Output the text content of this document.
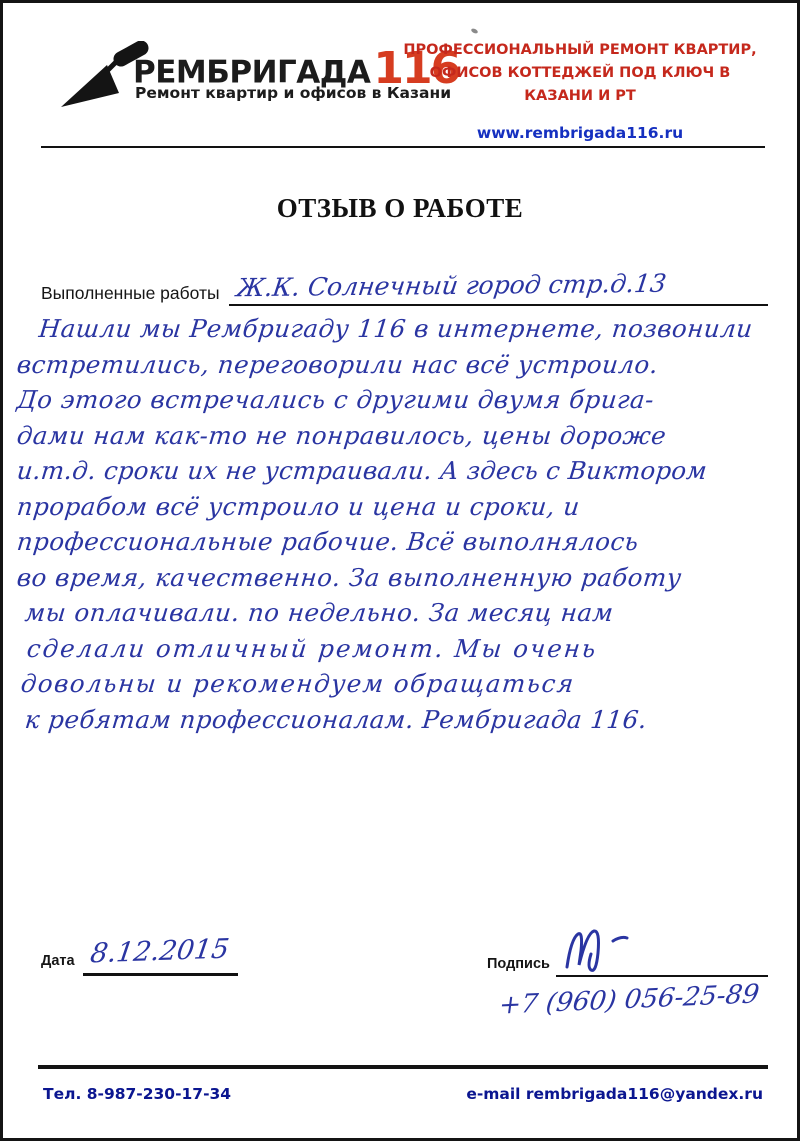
РЕМБРИГАДА116
Ремонт квартир и офисов в Казани
ПРОФЕССИОНАЛЬНЫЙ РЕМОНТ КВАРТИР,
ОФИСОВ КОТТЕДЖЕЙ ПОД КЛЮЧ В КАЗАНИ И РТ
www.rembrigada116.ru
ОТЗЫВ О РАБОТЕ
Выполненные работы Ж.К. Солнечный город стр.д.13
Нашли мы Рембригаду 116 в интернете, позвонили
встретились, переговорили нас всё устроило.
До этого встречались с другими двумя брига-
дами нам как-то не понравилось, цены дороже
и.т.д. сроки их не устраивали. А здесь с Виктором
прорабом всё устроило и цена и сроки, и
профессиональные рабочие. Всё выполнялось
во время, качественно. За выполненную работу
мы оплачивали. по недельно. За месяц нам
сделали отличный ремонт. Мы очень
довольны и рекомендуем обращаться
к ребятам профессионалам. Рембригада 116.
Дата 8.12.2015	Подпись
+7 (960) 056-25-89
Тел. 8-987-230-17-34	e-mail rembrigada116@yandex.ru
